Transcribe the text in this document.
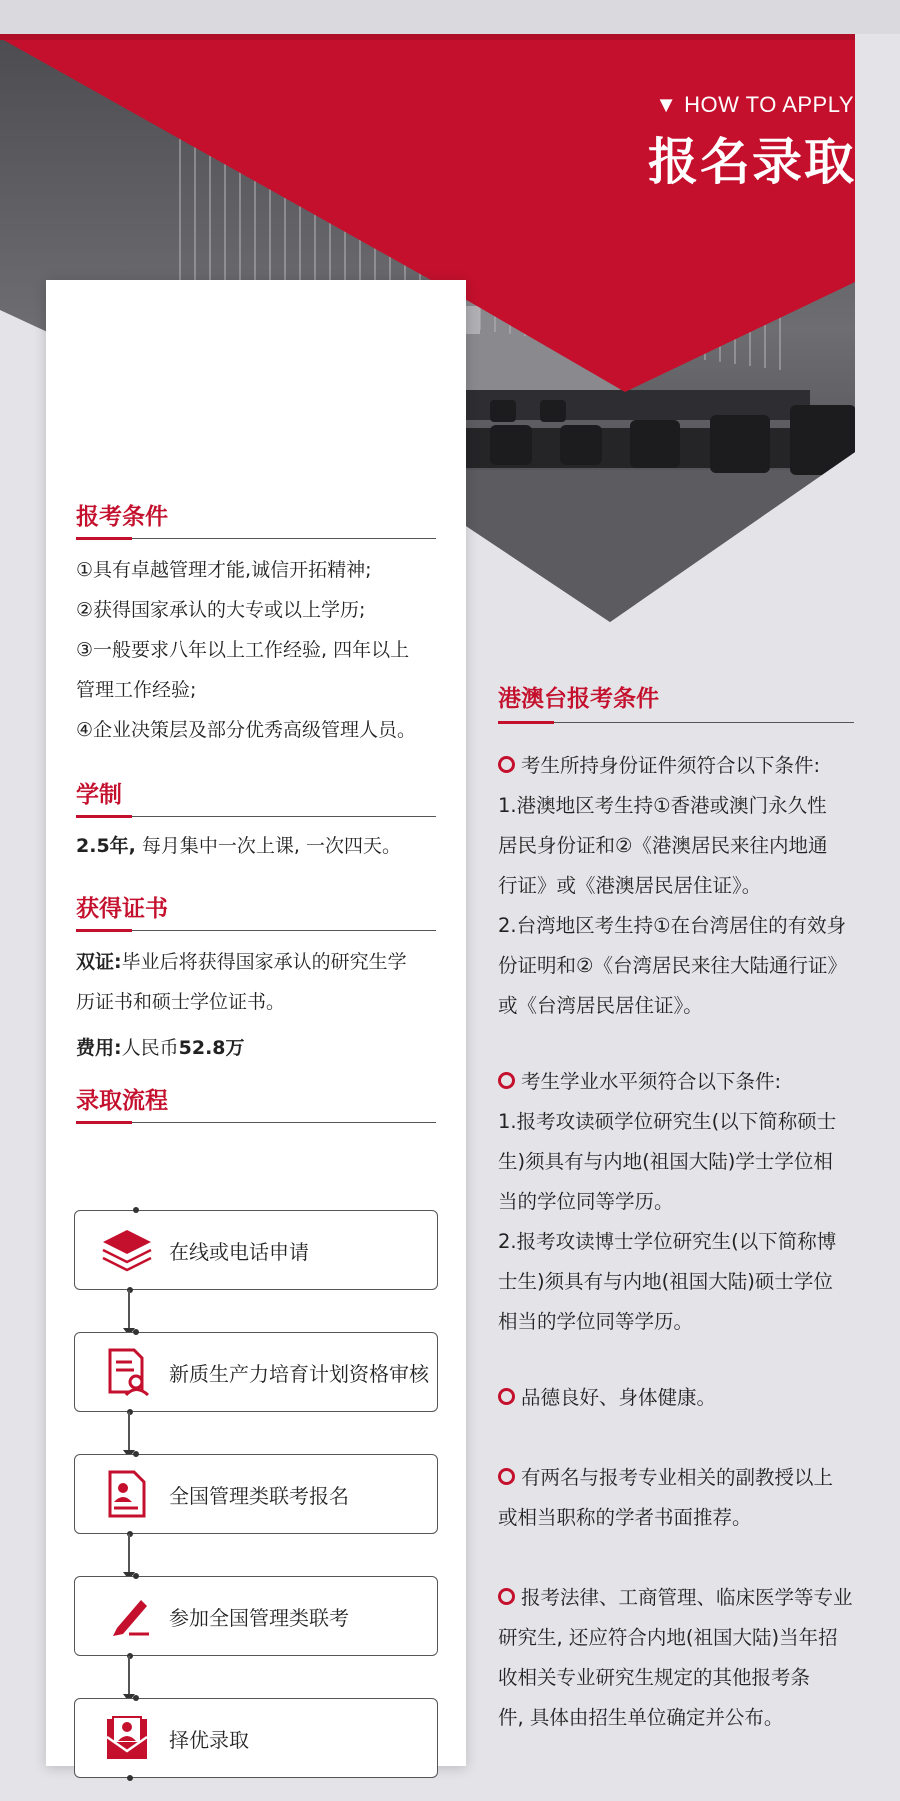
▼ HOW TO APPLY
报名录取
报考条件

①具有卓越管理才能,诚信开拓精神;

②获得国家承认的大专或以上学历;

③一般要求八年以上工作经验, 四年以上

管理工作经验;

④企业决策层及部分优秀高级管理人员。

学制

2.5年, 每月集中一次上课, 一次四天。

获得证书

双证:毕业后将获得国家承认的研究生学

历证书和硕士学位证书。

费用:人民币52.8万

录取流程
在线或电话申请
新质生产力培育计划资格审核
全国管理类联考报名
参加全国管理类联考
择优录取
港澳台报考条件

考生所持身份证件须符合以下条件:

1.港澳地区考生持①香港或澳门永久性

居民身份证和②《港澳居民来往内地通

行证》或《港澳居民居住证》。

2.台湾地区考生持①在台湾居住的有效身

份证明和②《台湾居民来往大陆通行证》

或《台湾居民居住证》。

考生学业水平须符合以下条件:

1.报考攻读硕学位研究生(以下简称硕士

生)须具有与内地(祖国大陆)学士学位相

当的学位同等学历。

2.报考攻读博士学位研究生(以下简称博

士生)须具有与内地(祖国大陆)硕士学位

相当的学位同等学历。

品德良好、身体健康。

有两名与报考专业相关的副教授以上

或相当职称的学者书面推荐。

报考法律、工商管理、临床医学等专业

研究生, 还应符合内地(祖国大陆)当年招

收相关专业研究生规定的其他报考条

件, 具体由招生单位确定并公布。
